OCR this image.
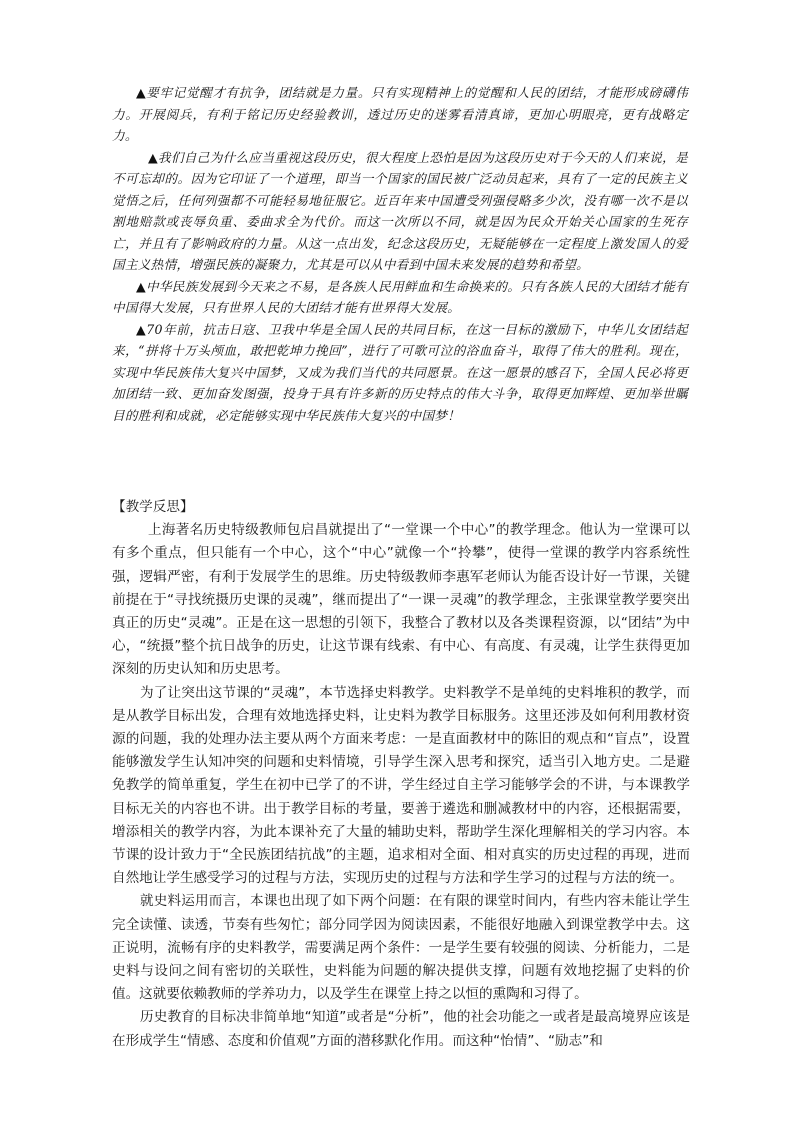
▲要牢记觉醒才有抗争，团结就是力量。只有实现精神上的觉醒和人民的团结，才能形成磅礴伟力。开展阅兵，有利于铭记历史经验教训，透过历史的迷雾看清真谛，更加心明眼亮，更有战略定力。

▲我们自己为什么应当重视这段历史，很大程度上恐怕是因为这段历史对于今天的人们来说，是不可忘却的。因为它印证了一个道理，即当一个国家的国民被广泛动员起来，具有了一定的民族主义觉悟之后，任何列强都不可能轻易地征服它。近百年来中国遭受列强侵略多少次，没有哪一次不是以割地赔款或丧辱负重、委曲求全为代价。而这一次所以不同，就是因为民众开始关心国家的生死存亡，并且有了影响政府的力量。从这一点出发，纪念这段历史，无疑能够在一定程度上激发国人的爱国主义热情，增强民族的凝聚力，尤其是可以从中看到中国未来发展的趋势和希望。

▲中华民族发展到今天来之不易，是各族人民用鲜血和生命换来的。只有各族人民的大团结才能有中国得大发展，只有世界人民的大团结才能有世界得大发展。

▲70年前，抗击日寇、卫我中华是全国人民的共同目标，在这一目标的激励下，中华儿女团结起来，“拼将十万头颅血，敢把乾坤力挽回”，进行了可歌可泣的浴血奋斗，取得了伟大的胜利。现在，实现中华民族伟大复兴中国梦，又成为我们当代的共同愿景。在这一愿景的感召下，全国人民必将更加团结一致、更加奋发图强，投身于具有许多新的历史特点的伟大斗争，取得更加辉煌、更加举世瞩目的胜利和成就，必定能够实现中华民族伟大复兴的中国梦！

【教学反思】

上海著名历史特级教师包启昌就提出了“一堂课一个中心”的教学理念。他认为一堂课可以有多个重点，但只能有一个中心，这个“中心”就像一个“拎攀”，使得一堂课的教学内容系统性强，逻辑严密，有利于发展学生的思维。历史特级教师李惠军老师认为能否设计好一节课，关键前提在于“寻找统摄历史课的灵魂”，继而提出了“一课一灵魂”的教学理念，主张课堂教学要突出真正的历史“灵魂”。正是在这一思想的引领下，我整合了教材以及各类课程资源，以“团结”为中心，“统摄”整个抗日战争的历史，让这节课有线索、有中心、有高度、有灵魂，让学生获得更加深刻的历史认知和历史思考。

为了让突出这节课的“灵魂”，本节选择史料教学。史料教学不是单纯的史料堆积的教学，而是从教学目标出发，合理有效地选择史料，让史料为教学目标服务。这里还涉及如何利用教材资源的问题，我的处理办法主要从两个方面来考虑：一是直面教材中的陈旧的观点和“盲点”，设置能够激发学生认知冲突的问题和史料情境，引导学生深入思考和探究，适当引入地方史。二是避免教学的简单重复，学生在初中已学了的不讲，学生经过自主学习能够学会的不讲，与本课教学目标无关的内容也不讲。出于教学目标的考量，要善于遴选和删减教材中的内容，还根据需要，增添相关的教学内容，为此本课补充了大量的辅助史料，帮助学生深化理解相关的学习内容。本节课的设计致力于“全民族团结抗战”的主题，追求相对全面、相对真实的历史过程的再现，进而自然地让学生感受学习的过程与方法，实现历史的过程与方法和学生学习的过程与方法的统一。

就史料运用而言，本课也出现了如下两个问题：在有限的课堂时间内，有些内容未能让学生完全读懂、读透，节奏有些匆忙；部分同学因为阅读因素，不能很好地融入到课堂教学中去。这正说明，流畅有序的史料教学，需要满足两个条件：一是学生要有较强的阅读、分析能力，二是史料与设问之间有密切的关联性，史料能为问题的解决提供支撑，问题有效地挖掘了史料的价值。这就要依赖教师的学养功力，以及学生在课堂上持之以恒的熏陶和习得了。

历史教育的目标决非简单地“知道”或者是“分析”，他的社会功能之一或者是最高境界应该是在形成学生“情感、态度和价值观”方面的潜移默化作用。而这种“怡情”、“励志”和
